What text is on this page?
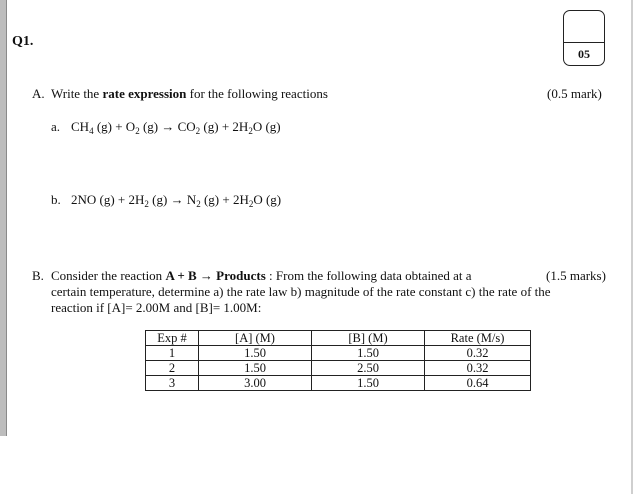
Q1.
05
A. Write the rate expression for the following reactions	(0.5 mark)
a. $CH_4$ $(g) + O_2$ $(g) \to CO_2$ $(g) + 2H_2O$ (g)
b. 2NO $(g) + 2H_2$ $(g) \to N_2$ $(g) + 2H_2O$ (g)
B. Consider the reaction A + B → Products : From the following data obtained at a	(1.5 marks)
certain temperature, determine a) the rate law b) magnitude of the rate constant c) the rate of the
reaction if [A]= 2.00M and [B]= 1.00M:
Exp #	[A] (M)	[B] (M)	Rate (M/s)
1	1.50	1.50	0.32
2	1.50	2.50	0.32
3	3.00	1.50	0.64
